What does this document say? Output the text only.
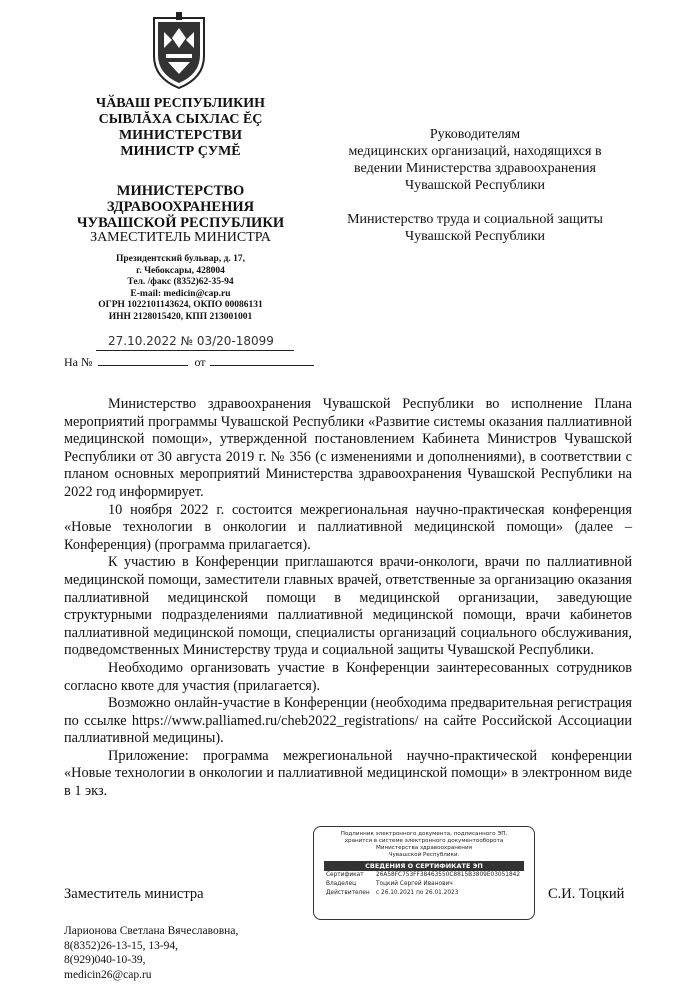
ЧӐВАШ РЕСПУБЛИКИН
СЫВЛĂХА СЫХЛАС ĔÇ
МИНИСТЕРСТВИ
МИНИСТР ÇУМĔ
МИНИСТЕРСТВО
ЗДРАВООХРАНЕНИЯ
ЧУВАШСКОЙ РЕСПУБЛИКИ
ЗАМЕСТИТЕЛЬ МИНИСТРА
Президентский бульвар, д. 17,
г. Чебоксары, 428004
Тел. /факс (8352)62-35-94
E-mail: medicin@cap.ru
ОГРН 1022101143624, ОКПО 00086131
ИНН 2128015420, КПП 213001001
27.10.2022 № 03/20-18099
На №	от

Руководителям

медицинских организаций, находящихся в

ведении Министерства здравоохранения

Чувашской Республики

Министерство труда и социальной защиты

Чувашской Республики

Министерство здравоохранения Чувашской Республики во исполнение Плана мероприятий программы Чувашской Республики «Развитие системы оказания паллиативной медицинской помощи», утвержденной постановлением Кабинета Министров Чувашской Республики от 30 августа 2019 г. № 356 (с изменениями и дополнениями), в соответствии с планом основных мероприятий Министерства здравоохранения Чувашской Республики на 2022 год информирует.

10 ноября 2022 г. состоится межрегиональная научно-практическая конференция «Новые технологии в онкологии и паллиативной медицинской помощи» (далее – Конференция) (программа прилагается).

К участию в Конференции приглашаются врачи-онкологи, врачи по паллиативной медицинской помощи, заместители главных врачей, ответственные за организацию оказания паллиативной медицинской помощи в медицинской организации, заведующие структурными подразделениями паллиативной медицинской помощи, врачи кабинетов паллиативной медицинской помощи, специалисты организаций социального обслуживания, подведомственных Министерству труда и социальной защиты Чувашской Республики.

Необходимо организовать участие в Конференции заинтересованных сотрудников согласно квоте для участия (прилагается).

Возможно онлайн-участие в Конференции (необходима предварительная регистрация по ссылке https://www.palliamed.ru/cheb2022_registrations/ на сайте Российской Ассоциации паллиативной медицины).

Приложение: программа межрегиональной научно-практической конференции «Новые технологии в онкологии и паллиативной медицинской помощи» в электронном виде в 1 экз.

Подлинник электронного документа, подписанного ЭП,
хранится в системе электронного документооборота
Министерства здравоохранения
Чувашской Республики.
СВЕДЕНИЯ О СЕРТИФИКАТЕ ЭП
Сертификат	26A58FC753FF38463550C8815B3809E03051842
Владелец	Тоцкий Сергей Иванович
Действителен	с 26.10.2021 по 26.01.2023
Заместитель министра	С.И. Тоцкий
Ларионова Светлана Вячеславовна,
8(8352)26-13-15, 13-94,
8(929)040-10-39,
medicin26@cap.ru
